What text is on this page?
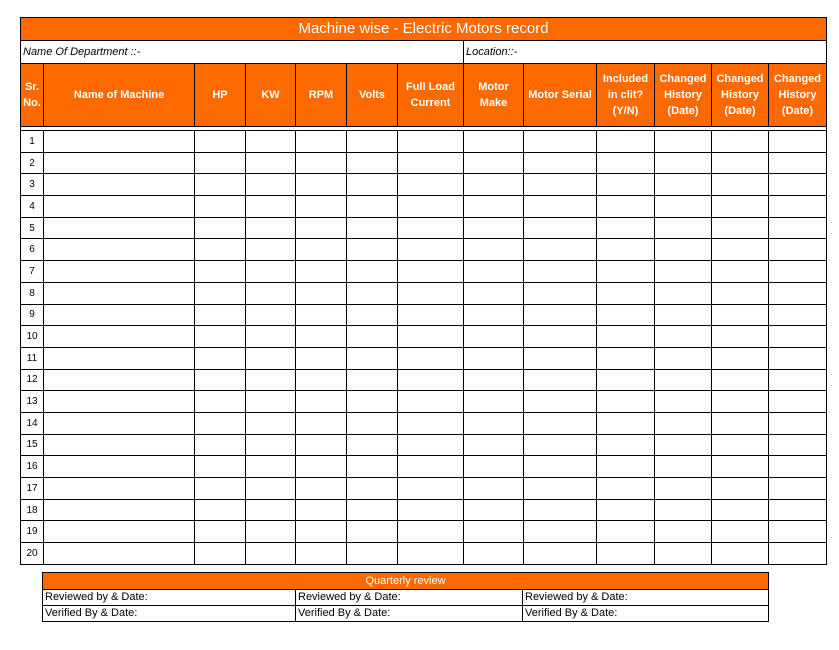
Machine wise - Electric Motors record												
Name Of Department ::-							Location::-					
Sr. No.	Name of Machine	HP	KW	RPM	Volts	Full Load Current	Motor Make	Motor Serial	Included in clit? (Y/N)	Changed History (Date)	Changed History (Date)	Changed History (Date)

1												
2												
3												
4												
5												
6												
7												
8												
9												
10												
11												
12												
13												
14												
15												
16												
17												
18												
19												
20												
Quarterly review		
Reviewed by & Date:	Reviewed by & Date:	Reviewed by & Date:
Verified By & Date:	Verified By & Date:	Verified By & Date:
